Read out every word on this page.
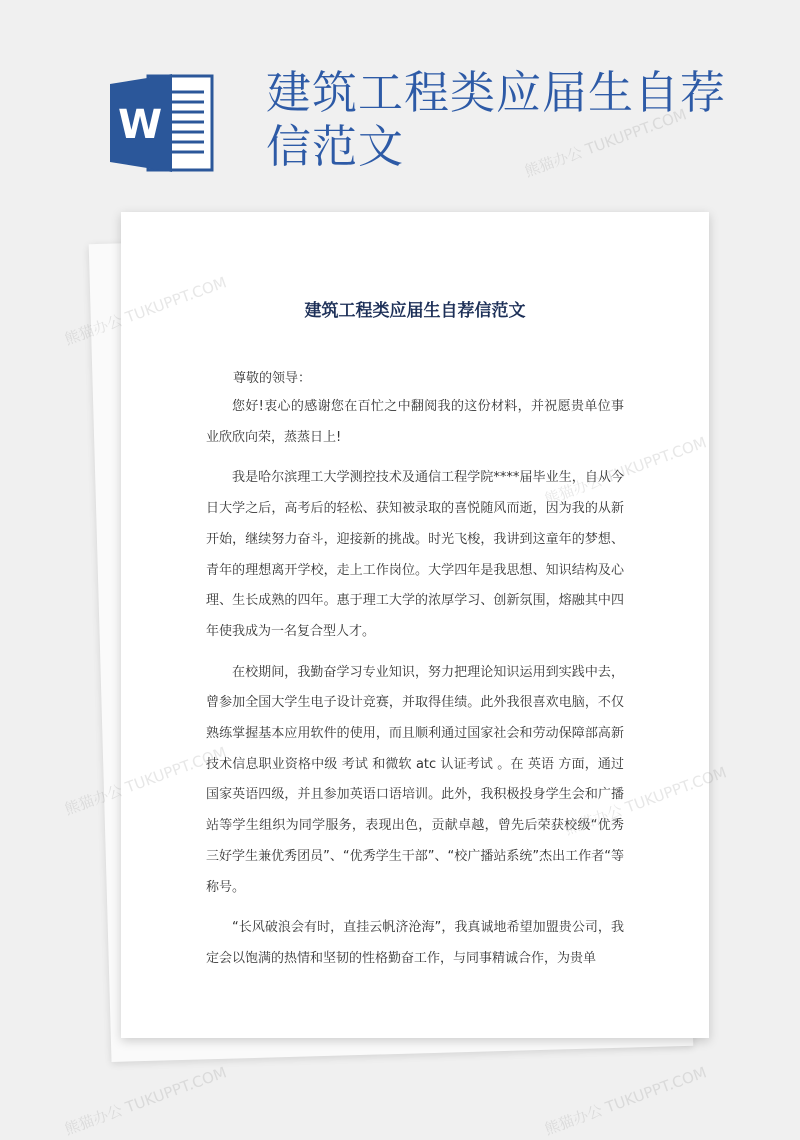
W
建筑工程类应届生自荐信范文
建筑工程类应届生自荐信范文
尊敬的领导：

您好!衷心的感谢您在百忙之中翻阅我的这份材料，并祝愿贵单位事业欣欣向荣，蒸蒸日上!

我是哈尔滨理工大学测控技术及通信工程学院****届毕业生，自从今日大学之后，高考后的轻松、获知被录取的喜悦随风而逝，因为我的从新开始，继续努力奋斗，迎接新的挑战。时光飞梭，我讲到这童年的梦想、青年的理想离开学校，走上工作岗位。大学四年是我思想、知识结构及心理、生长成熟的四年。惠于理工大学的浓厚学习、创新氛围，熔融其中四年使我成为一名复合型人才。

在校期间，我勤奋学习专业知识，努力把理论知识运用到实践中去，曾参加全国大学生电子设计竞赛，并取得佳绩。此外我很喜欢电脑，不仅熟练掌握基本应用软件的使用，而且顺利通过国家社会和劳动保障部高新技术信息职业资格中级 考试 和微软 atc 认证考试 。在 英语 方面，通过国家英语四级，并且参加英语口语培训。此外，我积极投身学生会和广播站等学生组织为同学服务，表现出色，贡献卓越，曾先后荣获校级“优秀三好学生兼优秀团员”、“优秀学生干部”、“校广播站系统”杰出工作者“等称号。

“长风破浪会有时，直挂云帆济沧海”，我真诚地希望加盟贵公司，我定会以饱满的热情和坚韧的性格勤奋工作，与同事精诚合作，为贵单

熊猫办公 TUKUPPT.COM
熊猫办公
熊猫办公 TUKUPPT.COM	熊猫办公 TUKUPPT.COM
